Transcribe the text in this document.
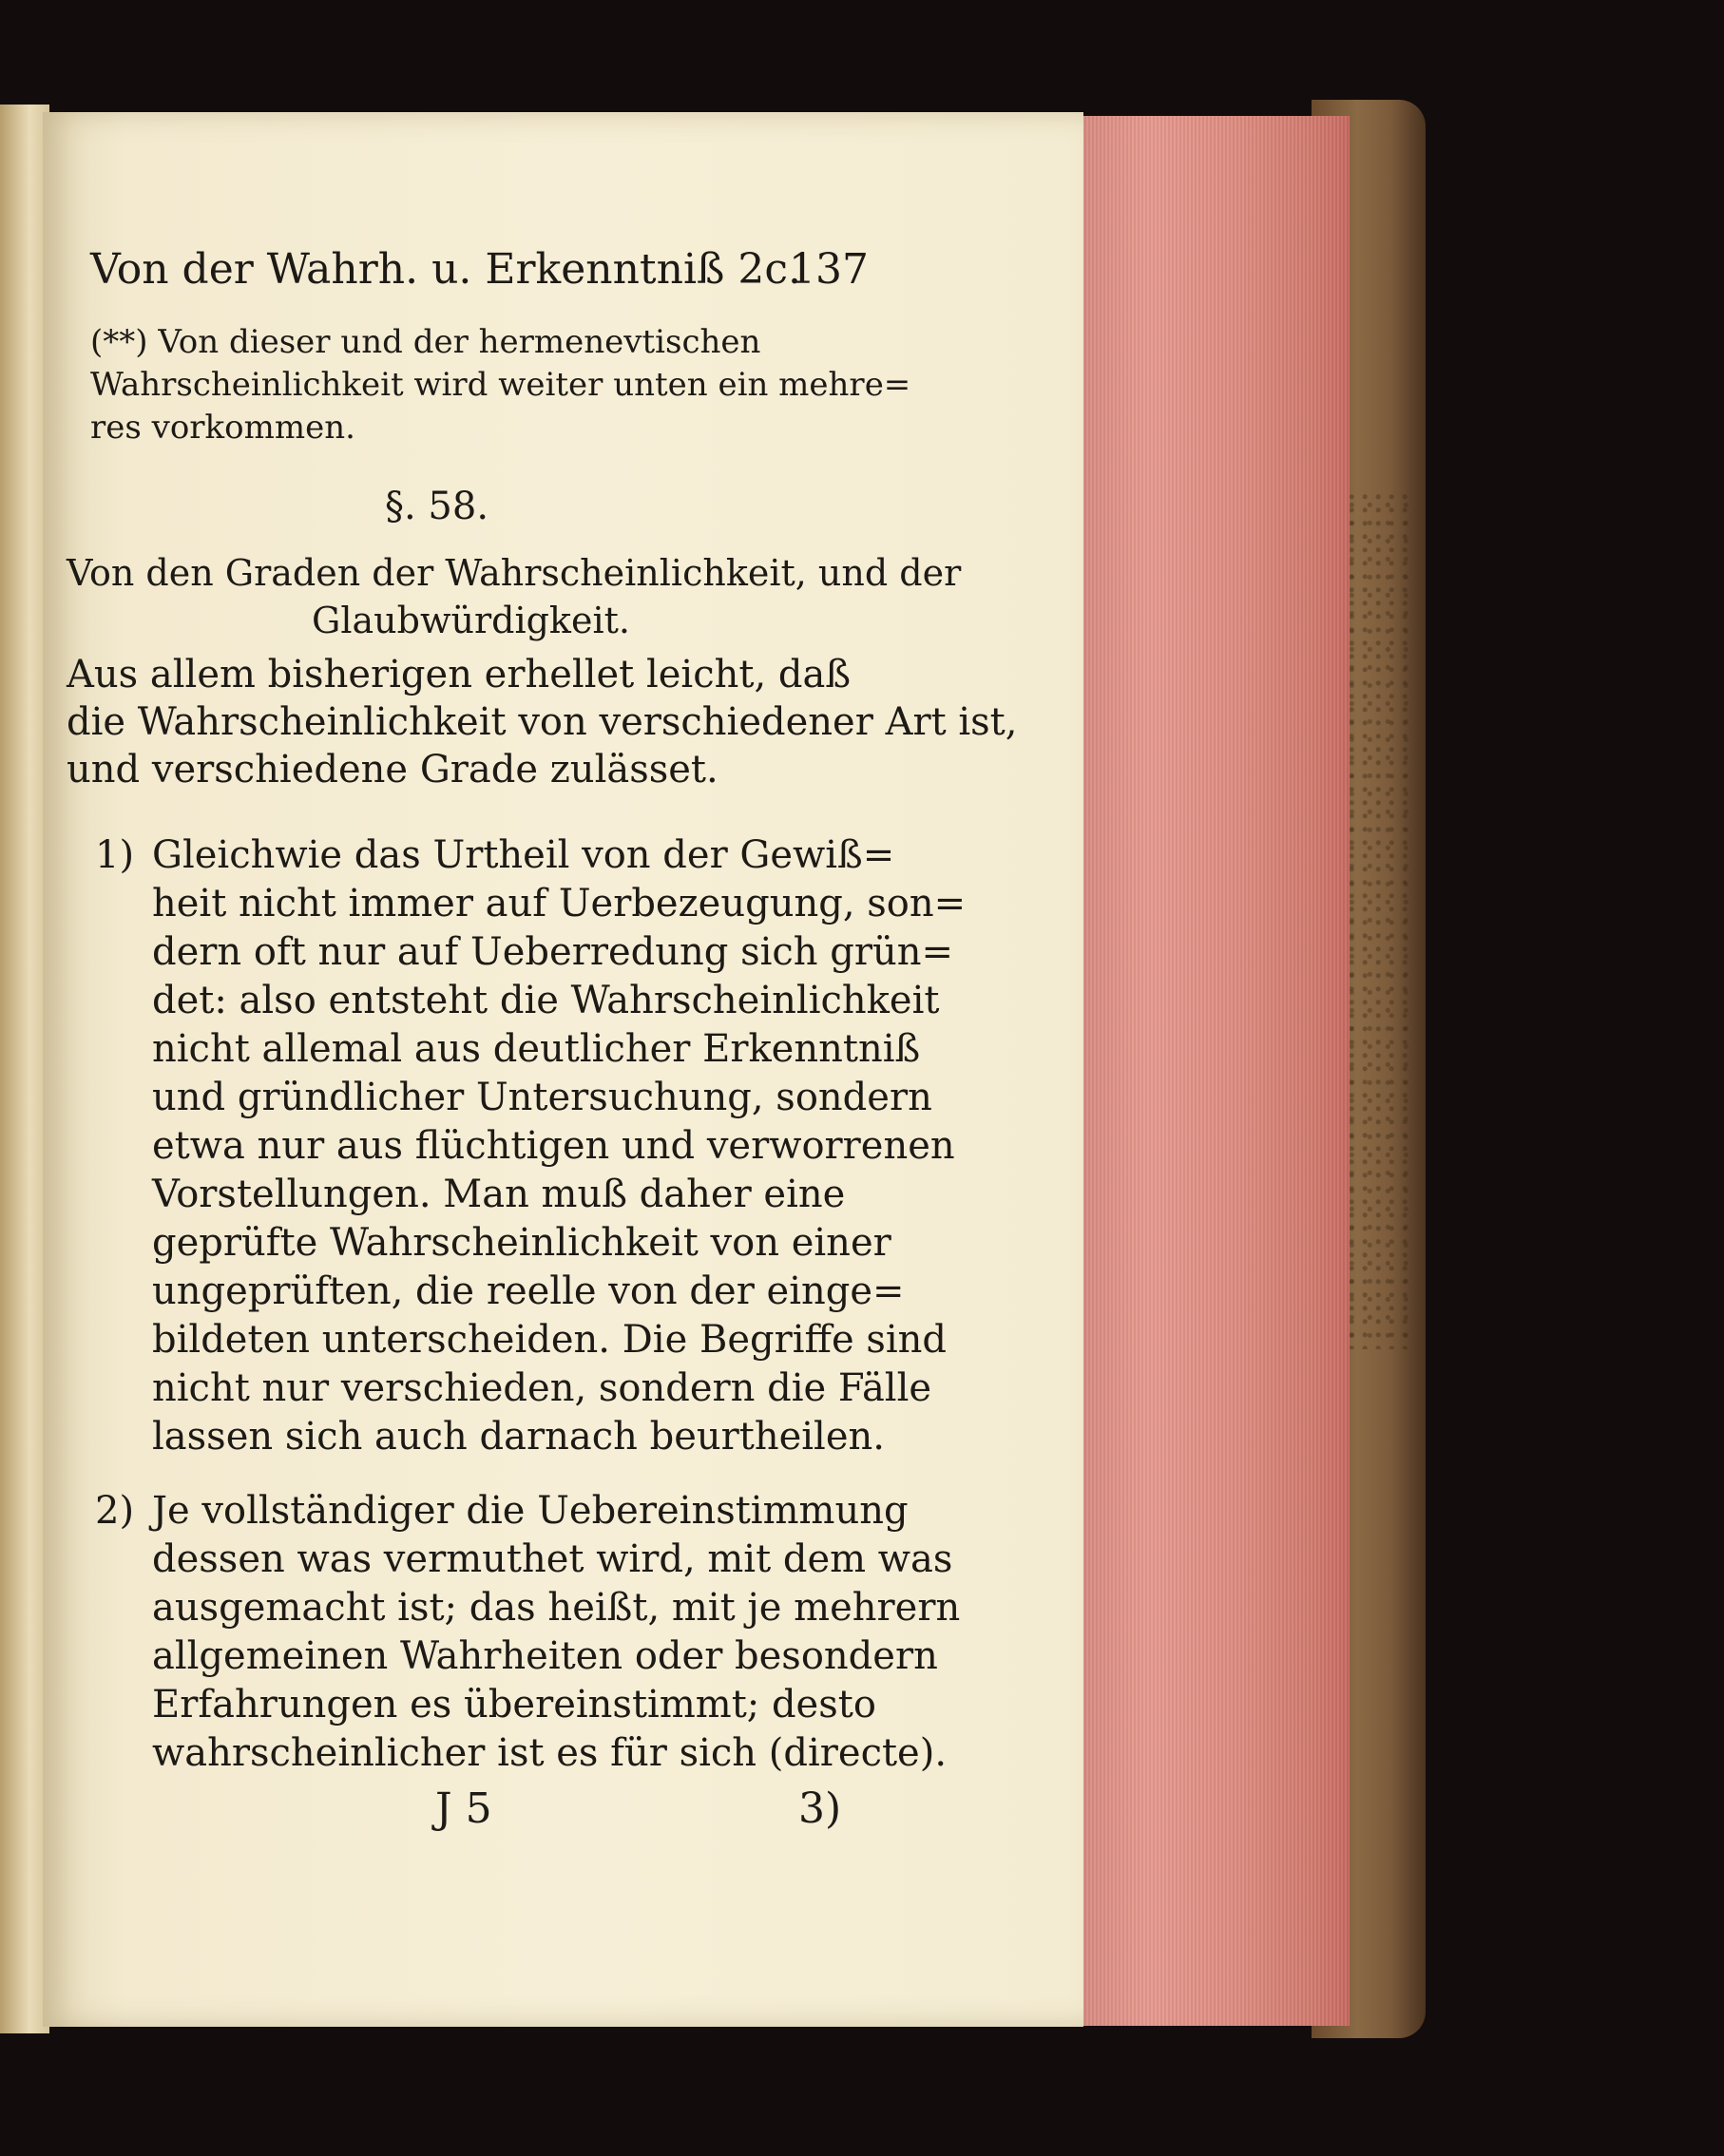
Von der Wahrh. u. Erkenntniß 2c.
137
(**) Von dieser und der hermenevtischen
Wahrscheinlichkeit wird weiter unten ein mehre=
res vorkommen.
§. 58.
Von den Graden der Wahrscheinlichkeit, und der
Glaubwürdigkeit.
Aus allem bisherigen erhellet leicht, daß
die Wahrscheinlichkeit von verschiedener Art ist,
und verschiedene Grade zulässet.
1) Gleichwie das Urtheil von der Gewiß=
heit nicht immer auf Uerbezeugung, son=
dern oft nur auf Ueberredung sich grün=
det: also entsteht die Wahrscheinlichkeit
nicht allemal aus deutlicher Erkenntniß
und gründlicher Untersuchung, sondern
etwa nur aus flüchtigen und verworrenen
Vorstellungen. Man muß daher eine
geprüfte Wahrscheinlichkeit von einer
ungeprüften, die reelle von der einge=
bildeten unterscheiden. Die Begriffe sind
nicht nur verschieden, sondern die Fälle
lassen sich auch darnach beurtheilen.
2) Je vollständiger die Uebereinstimmung
dessen was vermuthet wird, mit dem was
ausgemacht ist; das heißt, mit je mehrern
allgemeinen Wahrheiten oder besondern
Erfahrungen es übereinstimmt; desto
wahrscheinlicher ist es für sich (directe).
J 5	3)
